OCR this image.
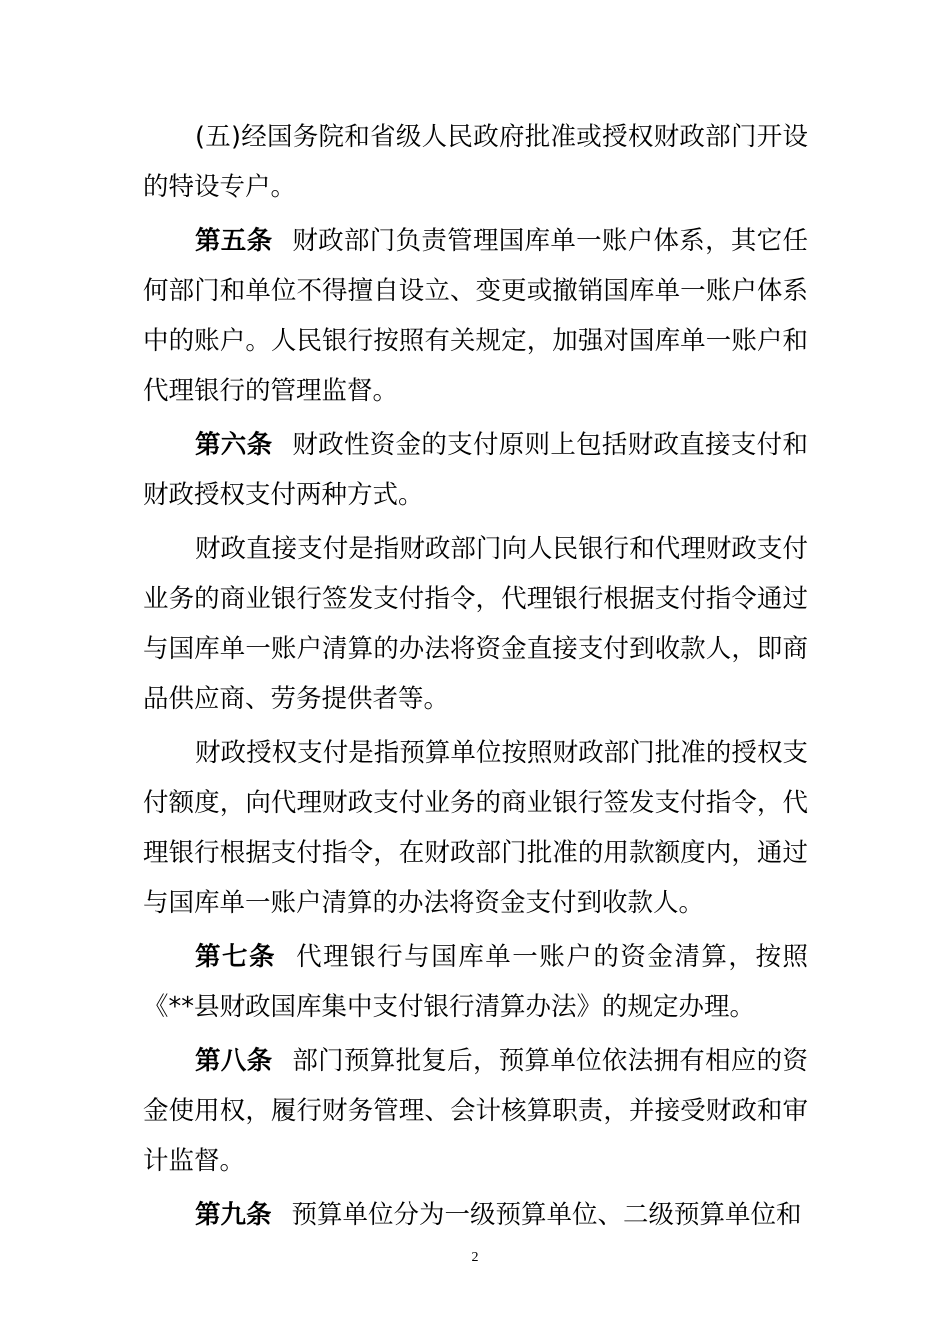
(五)经国务院和省级人民政府批准或授权财政部门开设的特设专户。

第五条 财政部门负责管理国库单一账户体系，其它任何部门和单位不得擅自设立、变更或撤销国库单一账户体系中的账户。人民银行按照有关规定，加强对国库单一账户和代理银行的管理监督。

第六条 财政性资金的支付原则上包括财政直接支付和财政授权支付两种方式。

财政直接支付是指财政部门向人民银行和代理财政支付业务的商业银行签发支付指令，代理银行根据支付指令通过与国库单一账户清算的办法将资金直接支付到收款人，即商品供应商、劳务提供者等。

财政授权支付是指预算单位按照财政部门批准的授权支付额度，向代理财政支付业务的商业银行签发支付指令，代理银行根据支付指令，在财政部门批准的用款额度内，通过与国库单一账户清算的办法将资金支付到收款人。

第七条 代理银行与国库单一账户的资金清算，按照《**县财政国库集中支付银行清算办法》的规定办理。

第八条 部门预算批复后，预算单位依法拥有相应的资金使用权，履行财务管理、会计核算职责，并接受财政和审计监督。

第九条 预算单位分为一级预算单位、二级预算单位和

2
